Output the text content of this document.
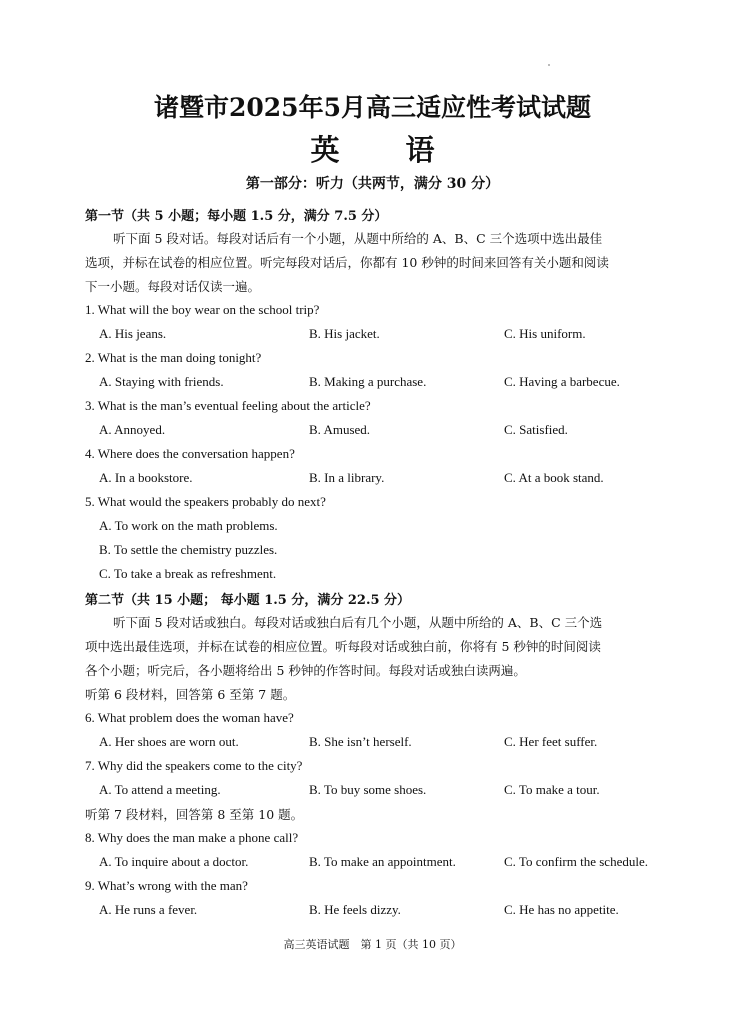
诸暨市2025年5月高三适应性考试试题
英 语
第一部分：听力（共两节，满分 30 分）
第一节（共 5 小题；每小题 1.5 分，满分 7.5 分）
听下面 5 段对话。每段对话后有一个小题，从题中所给的 A、B、C 三个选项中选出最佳
选项，并标在试卷的相应位置。听完每段对话后，你都有 10 秒钟的时间来回答有关小题和阅读
下一小题。每段对话仅读一遍。
1. What will the boy wear on the school trip?
A. His jeans.	B. His jacket.	C. His uniform.
2. What is the man doing tonight?
A. Staying with friends.	B. Making a purchase.	C. Having a barbecue.
3. What is the man’s eventual feeling about the article?
A. Annoyed.	B. Amused.	C. Satisfied.
4. Where does the conversation happen?
A. In a bookstore.	B. In a library.	C. At a book stand.
5. What would the speakers probably do next?
A. To work on the math problems.
B. To settle the chemistry puzzles.
C. To take a break as refreshment.
第二节（共 15 小题； 每小题 1.5 分，满分 22.5 分）
听下面 5 段对话或独白。每段对话或独白后有几个小题，从题中所给的 A、B、C 三个选
项中选出最佳选项，并标在试卷的相应位置。听每段对话或独白前，你将有 5 秒钟的时间阅读
各个小题；听完后，各小题将给出 5 秒钟的作答时间。每段对话或独白读两遍。
听第 6 段材料，回答第 6 至第 7 题。
6. What problem does the woman have?
A. Her shoes are worn out.	B. She isn’t herself.	C. Her feet suffer.
7. Why did the speakers come to the city?
A. To attend a meeting.	B. To buy some shoes.	C. To make a tour.
听第 7 段材料，回答第 8 至第 10 题。
8. Why does the man make a phone call?
A. To inquire about a doctor.	B. To make an appointment.	C. To confirm the schedule.
9. What’s wrong with the man?
A. He runs a fever.	B. He feels dizzy.	C. He has no appetite.
高三英语试题　第 1 页（共 10 页）
